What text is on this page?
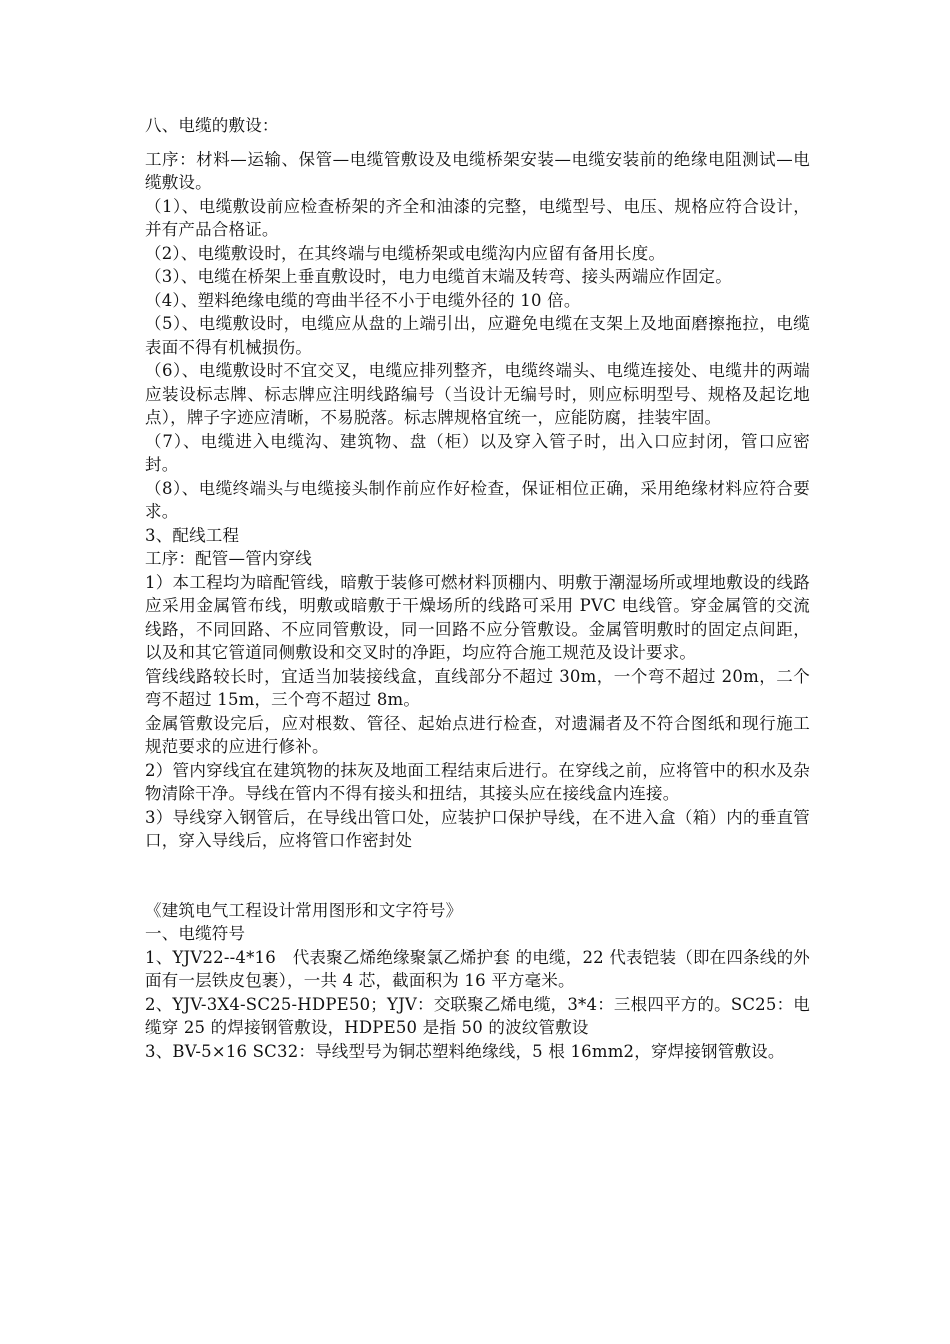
八、电缆的敷设：

工序：材料—运输、保管—电缆管敷设及电缆桥架安装—电缆安装前的绝缘电阻测试—电缆敷设。

（1）、电缆敷设前应检查桥架的齐全和油漆的完整，电缆型号、电压、规格应符合设计，并有产品合格证。

（2）、电缆敷设时，在其终端与电缆桥架或电缆沟内应留有备用长度。

（3）、电缆在桥架上垂直敷设时，电力电缆首末端及转弯、接头两端应作固定。

（4）、塑料绝缘电缆的弯曲半径不小于电缆外径的 10 倍。

（5）、电缆敷设时，电缆应从盘的上端引出，应避免电缆在支架上及地面磨擦拖拉，电缆表面不得有机械损伤。

（6）、电缆敷设时不宜交叉，电缆应排列整齐，电缆终端头、电缆连接处、电缆井的两端应装设标志牌、标志牌应注明线路编号（当设计无编号时，则应标明型号、规格及起讫地点），牌子字迹应清晰，不易脱落。标志牌规格宜统一，应能防腐，挂装牢固。

（7）、电缆进入电缆沟、建筑物、盘（柜）以及穿入管子时，出入口应封闭，管口应密封。

（8）、电缆终端头与电缆接头制作前应作好检查，保证相位正确，采用绝缘材料应符合要求。

3、配线工程

工序：配管—管内穿线

1）本工程均为暗配管线，暗敷于装修可燃材料顶棚内、明敷于潮湿场所或埋地敷设的线路应采用金属管布线，明敷或暗敷于干燥场所的线路可采用 PVC 电线管。穿金属管的交流线路，不同回路、不应同管敷设，同一回路不应分管敷设。金属管明敷时的固定点间距，以及和其它管道同侧敷设和交叉时的净距，均应符合施工规范及设计要求。

管线线路较长时，宜适当加装接线盒，直线部分不超过 30m，一个弯不超过 20m，二个弯不超过 15m，三个弯不超过 8m。

金属管敷设完后，应对根数、管径、起始点进行检查，对遗漏者及不符合图纸和现行施工规范要求的应进行修补。

2）管内穿线宜在建筑物的抹灰及地面工程结束后进行。在穿线之前，应将管中的积水及杂物清除干净。导线在管内不得有接头和扭结，其接头应在接线盒内连接。

3）导线穿入钢管后，在导线出管口处，应装护口保护导线，在不进入盒（箱）内的垂直管口，穿入导线后，应将管口作密封处

《建筑电气工程设计常用图形和文字符号》

一、电缆符号

1、YJV22--4*16　代表聚乙烯绝缘聚氯乙烯护套 的电缆，22 代表铠装（即在四条线的外面有一层铁皮包裹），一共 4 芯，截面积为 16 平方毫米。

2、YJV-3X4-SC25-HDPE50；YJV：交联聚乙烯电缆，3*4：三根四平方的。SC25：电缆穿 25 的焊接钢管敷设，HDPE50 是指 50 的波纹管敷设

3、BV-5×16 SC32：导线型号为铜芯塑料绝缘线，5 根 16mm2，穿焊接钢管敷设。
